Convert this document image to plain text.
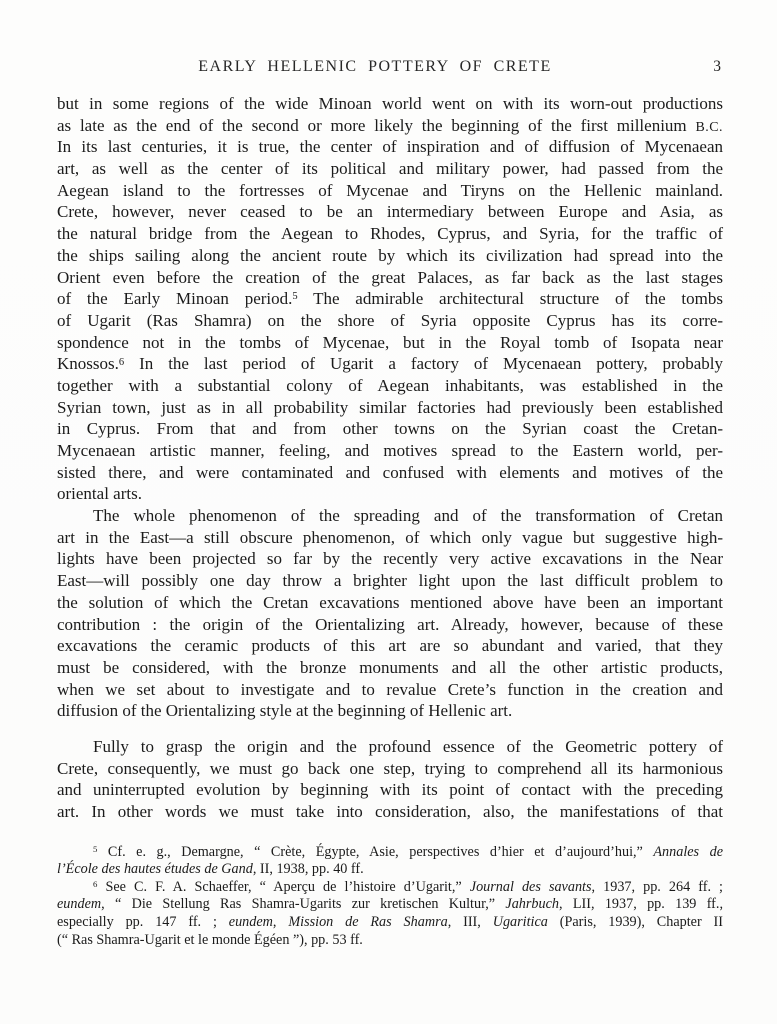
EARLY HELLENIC POTTERY OF CRETE	3
but in some regions of the wide Minoan world went on with its worn-out productions
as late as the end of the second or more likely the beginning of the first millenium B.C.
In its last centuries, it is true, the center of inspiration and of diffusion of Mycenaean
art, as well as the center of its political and military power, had passed from the
Aegean island to the fortresses of Mycenae and Tiryns on the Hellenic mainland.
Crete, however, never ceased to be an intermediary between Europe and Asia, as
the natural bridge from the Aegean to Rhodes, Cyprus, and Syria, for the traffic of
the ships sailing along the ancient route by which its civilization had spread into the
Orient even before the creation of the great Palaces, as far back as the last stages
of the Early Minoan period.$^5$ The admirable architectural structure of the tombs
of Ugarit (Ras Shamra) on the shore of Syria opposite Cyprus has its corre-
spondence not in the tombs of Mycenae, but in the Royal tomb of Isopata near
Knossos.$^6$ In the last period of Ugarit a factory of Mycenaean pottery, probably
together with a substantial colony of Aegean inhabitants, was established in the
Syrian town, just as in all probability similar factories had previously been established
in Cyprus. From that and from other towns on the Syrian coast the Cretan-
Mycenaean artistic manner, feeling, and motives spread to the Eastern world, per-
sisted there, and were contaminated and confused with elements and motives of the
oriental arts.
The whole phenomenon of the spreading and of the transformation of Cretan
art in the East—a still obscure phenomenon, of which only vague but suggestive high-
lights have been projected so far by the recently very active excavations in the Near
East—will possibly one day throw a brighter light upon the last difficult problem to
the solution of which the Cretan excavations mentioned above have been an important
contribution : the origin of the Orientalizing art. Already, however, because of these
excavations the ceramic products of this art are so abundant and varied, that they
must be considered, with the bronze monuments and all the other artistic products,
when we set about to investigate and to revalue Crete’s function in the creation and
diffusion of the Orientalizing style at the beginning of Hellenic art.
Fully to grasp the origin and the profound essence of the Geometric pottery of
Crete, consequently, we must go back one step, trying to comprehend all its harmonious
and uninterrupted evolution by beginning with its point of contact with the preceding
art. In other words we must take into consideration, also, the manifestations of that
$^5$ Cf. e. g., Demargne, “ Crète, Égypte, Asie, perspectives d’hier et d’aujourd’hui,” Annales de
l’École des hautes études de Gand, II, 1938, pp. 40 ff.
$^6$ See C. F. A. Schaeffer, “ Aperçu de l’histoire d’Ugarit,” Journal des savants, 1937, pp. 264 ff. ;
eundem, “ Die Stellung Ras Shamra-Ugarits zur kretischen Kultur,” Jahrbuch, LII, 1937, pp. 139 ff.,
especially pp. 147 ff. ; eundem, Mission de Ras Shamra, III, Ugaritica (Paris, 1939), Chapter II
(“ Ras Shamra-Ugarit et le monde Égéen ”), pp. 53 ff.
